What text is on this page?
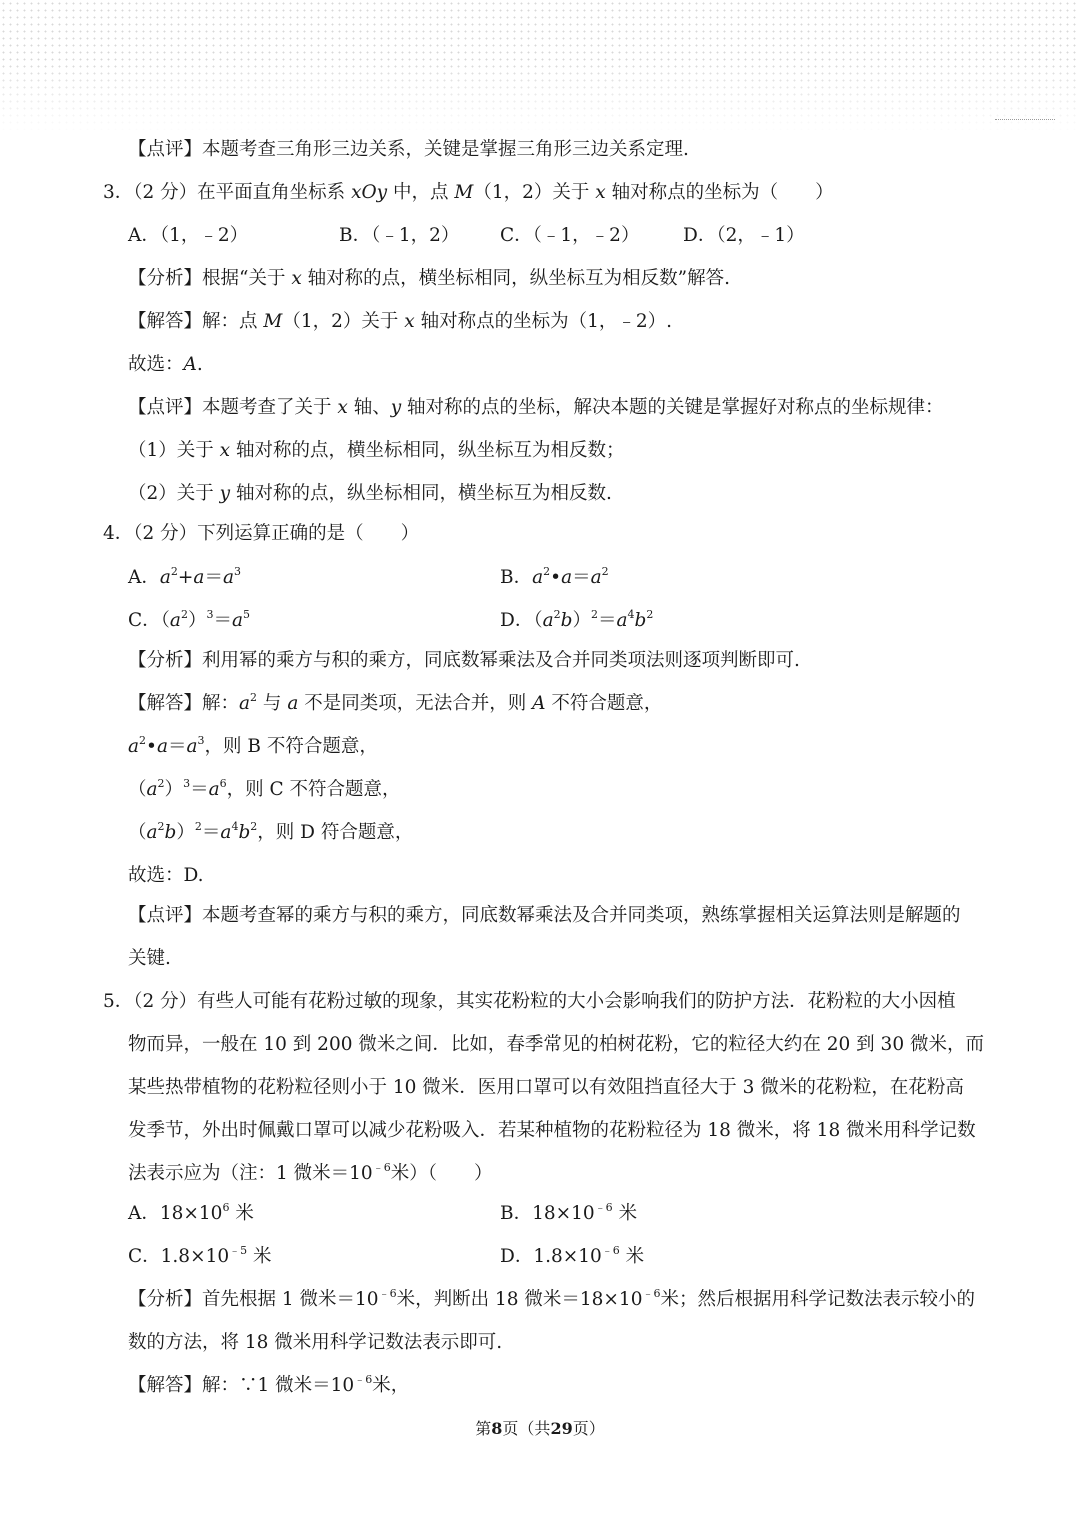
【点评】本题考查三角形三边关系，关键是掌握三角形三边关系定理.
3．（2 分）在平面直角坐标系 xOy 中，点 M（1，2）关于 x 轴对称点的坐标为（　　）
A．（1，﹣2）	B．（﹣1，2） C．（﹣1，﹣2） D．（2，﹣1）
【分析】根据“关于 x 轴对称的点，横坐标相同，纵坐标互为相反数”解答.
【解答】解：点 M（1，2）关于 x 轴对称点的坐标为（1，﹣2）.
故选：A.
【点评】本题考查了关于 x 轴、y 轴对称的点的坐标，解决本题的关键是掌握好对称点的坐标规律：
（1）关于 x 轴对称的点，横坐标相同，纵坐标互为相反数；
（2）关于 y 轴对称的点，纵坐标相同，横坐标互为相反数.
4．（2 分）下列运算正确的是（　　）
A．$a^2+a=a^3$	B．$a^2•a=a^2$
C．$(a^2)^3=a^5$	D．$(a^2b)^2=a^4b^2$
【分析】利用幂的乘方与积的乘方，同底数幂乘法及合并同类项法则逐项判断即可.
【解答】解：$a^2$ 与 a 不是同类项，无法合并，则 A 不符合题意，
$a^2•a=a^3$，则 B 不符合题意，
$(a^2)^3=a^6$，则 C 不符合题意，
$(a^2b)^2=a^4b^2$，则 D 符合题意，
故选：D.
【点评】本题考查幂的乘方与积的乘方，同底数幂乘法及合并同类项，熟练掌握相关运算法则是解题的
关键.
5．（2 分）有些人可能有花粉过敏的现象，其实花粉粒的大小会影响我们的防护方法．花粉粒的大小因植
物而异，一般在 10 到 200 微米之间．比如，春季常见的柏树花粉，它的粒径大约在 20 到 30 微米，而
某些热带植物的花粉粒径则小于 10 微米．医用口罩可以有效阻挡直径大于 3 微米的花粉粒，在花粉高
发季节，外出时佩戴口罩可以减少花粉吸入．若某种植物的花粉粒径为 18 微米，将 18 微米用科学记数
法表示应为（注：1 微米$=10^{﹣6}$米）（　　）
A．$18\times 10^6$ 米	B．$18\times 10^{﹣6}$ 米
C．$1.8\times 10^{﹣5}$ 米	D．$1.8\times 10^{﹣6}$ 米
【分析】首先根据 1 微米$=10^{﹣6}$米，判断出 18 微米$=18\times 10^{﹣6}$米；然后根据用科学记数法表示较小的
数的方法，将 18 微米用科学记数法表示即可.
【解答】解：∵1 微米$=10^{﹣6}$米，
第8页（共29页）
